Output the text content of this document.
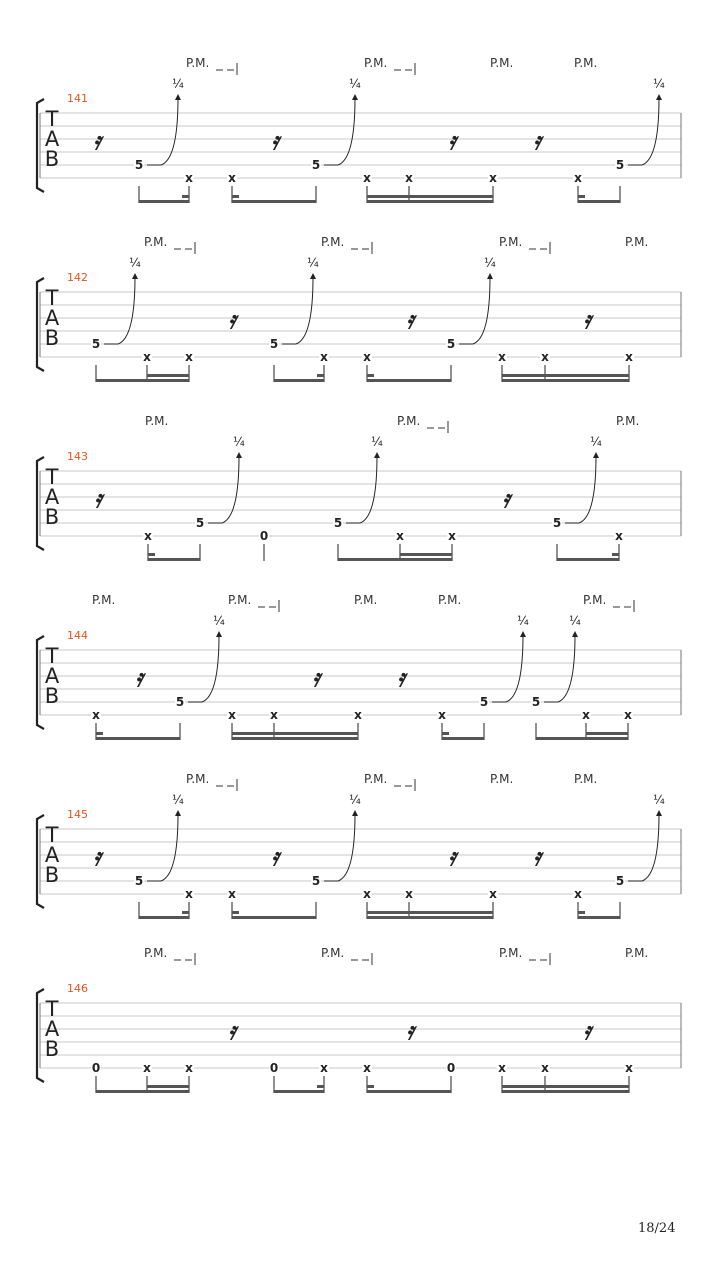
T
A
B
141
P.M.	P.M.	P.M.	P.M.
𝄿	𝄿	𝄿	𝄿
5
x	x
5
x	x	x	x
5
¼	¼	¼
T
A
B
142
P.M.	P.M.	P.M.	P.M.
𝄿	𝄿	𝄿
5
x	x
5
x	x
5
x	x	x
¼	¼	¼
T
A
B
143
P.M.	P.M.	P.M.
𝄿	𝄿
x
5
0
5
x	x
5
x
¼	¼	¼
T
A
B
144
P.M.	P.M.	P.M.	P.M.	P.M.
𝄿	𝄿	𝄿
x
5
x	x	x	x
5	5
x	x
¼	¼	¼
T
A
B
145
P.M.	P.M.	P.M.	P.M.
𝄿	𝄿	𝄿	𝄿
5
x	x
5
x	x	x	x
5
¼	¼	¼
T
A
B
146
P.M.	P.M.	P.M.	P.M.
𝄿	𝄿	𝄿
0	x	x	0	x	x	0	x	x	x
18/24
